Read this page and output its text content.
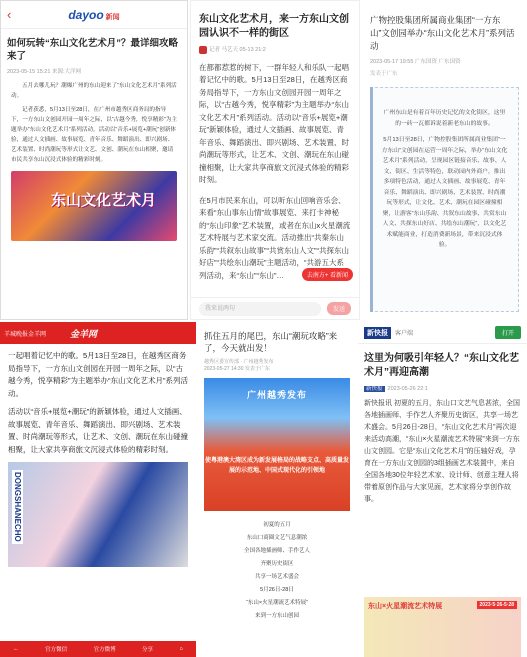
‹	dayoo 新闻
如何玩转“东山文化艺术月”？最详细攻略来了
2023-05-15 15:21 来源:大洋网

五月去哪儿玩？潮爆广州的东山迎来了“东山文化艺术月”系列活动。

记者获悉，5月13日至28日，在广州市越秀区商务局的指导下，一方东山文创园开园一周年之际，以“古越今秀，悦享精彩”为主题举办“东山文化艺术月”系列活动。活动以“音乐+展览+潮玩”创新体验，通过人文插画、故事展览、青年音乐、舞蹈演出、即兴剧场、艺术装置、时尚潮玩等形式让文艺、文创、潮玩在东山相聚，邀请市民共享东山沉浸式体验的精彩时刻。

东山文化艺术月
东山文化艺术月，来一方东山文创园认识不一样的街区
记者 马艺天 05-13 21:2

在都都惹惹的树下，一群年轻人和乐队一起唱着记忆中的歌。5月13日至28日，在越秀区商务局指导下，一方东山文创园开园一周年之际，以“古越今秀，悦享精彩”为主题举办“东山文化艺术月”系列活动。活动以“音乐+展览+潮玩”新颖体验，通过人文插画、故事展览、青年音乐、舞蹈演出、即兴剧场、艺术装置、时尚潮玩等形式，让艺术、文创、潮玩在东山碰撞相聚，让大家共享商旅文沉浸式体验的精彩时刻。

在5月市民来东山，可以听东山回响音乐会、来看“东山事东山情”故事展览、来打卡神秘的“东山印象”艺术装置，或者在东山x火星潮流艺术特展与艺术家交流。活动推出“共秦东山乐韵”“共叙东山故事”“共赏东山人文”“共探东山好店”“共绘东山潮玩”主题活动，“共游五大系列活动，来“东山”“东山”…	去南方+ 看新闻
我来说两句	发送
广物控股集团所属商业集团“一方东山”文创园举办“东山文化艺术月”系列活动
2023-05-17 19:55 广东国资 广东国资
发表于广东

广州东山是有着百年历史记忆的文化街区，这里的一砖一瓦都诉说着新老东山的故事。

5月13日至28日，广物控股集团所属商业集团“一方东山”文创园在运营一周年之际，举办“东山文化艺术月”系列活动，呈现园区链接音乐、故事、人文、街区、生活等特色，联动园内外商户，推出多项特色活动，通过人文插画、故事展览、青年音乐、舞蹈演出、即兴剧场、艺术装置、时尚潮玩等形式，让文化、艺术、潮玩在园区碰撞相聚，让游客“东山乐韵、共叙东山故事、共赏东山人文、共探东山好店、共绘东山潮玩”，以文化艺术赋能商业，打造消费新场景，带来沉浸式体验。

羊城晚报金羊网	金羊网

一起唱着记忆中的歌。5月13日至28日，在越秀区商务局指导下，一方东山文创园在开园一周年之际，以“古越今秀，悦享精彩”为主题举办“东山文化艺术月”系列活动。

活动以“音乐+展览+潮玩”的新颖体验，通过人文插画、故事展览、青年音乐、舞蹈演出、即兴剧场、艺术装置、时尚潮玩等形式，让艺术、文创、潮玩在东山碰撞相聚，让大家共享商旅文沉浸式体验的精彩时刻。

DONGSHANECHO
←	官方微信	官方微博	分享	⌂
抓住五月的尾巴，东山“潮玩攻略”来了，今天就出发！
越秀区委宣传部 · 广州越秀发布
2023-05-27 14:30 发表于广东
广州越秀发布
使粤港澳大湾区成为新发展格局的战略支点、高质量发展的示范地、中国式现代化的引领地
初夏的五月
东山口商圈文艺气息潮浓
全国各地插画师、手作艺人
齐聚历史街区
共享一场艺术盛会
5月26日-28日
“东山×火星潮流艺术特展”
来到一方东山创园
新快报	客户端	打开
这里为何吸引年轻人？“东山文化艺术月”再迎高潮
新快报 2023-05-26 22:1

新快报讯 初夏的五月，东山口文艺气息甚浓，全国各地插画师、手作艺人齐聚历史街区，共享一场艺术盛会。5月26日-28日，“东山文化艺术月”再次迎来活动高潮，“东山×火星潮流艺术特展”来到一方东山文创园。它是“东山文化艺术月”的压轴好戏，孕育在一方东山文创园的3组插画艺术装置中，来自全国各地30位年轻艺术家、设计师、创意主理人将带着原创作品与大家见面，艺术家将分享创作故事。

东山×火星潮流艺术特展	2023·5·26-5·28
